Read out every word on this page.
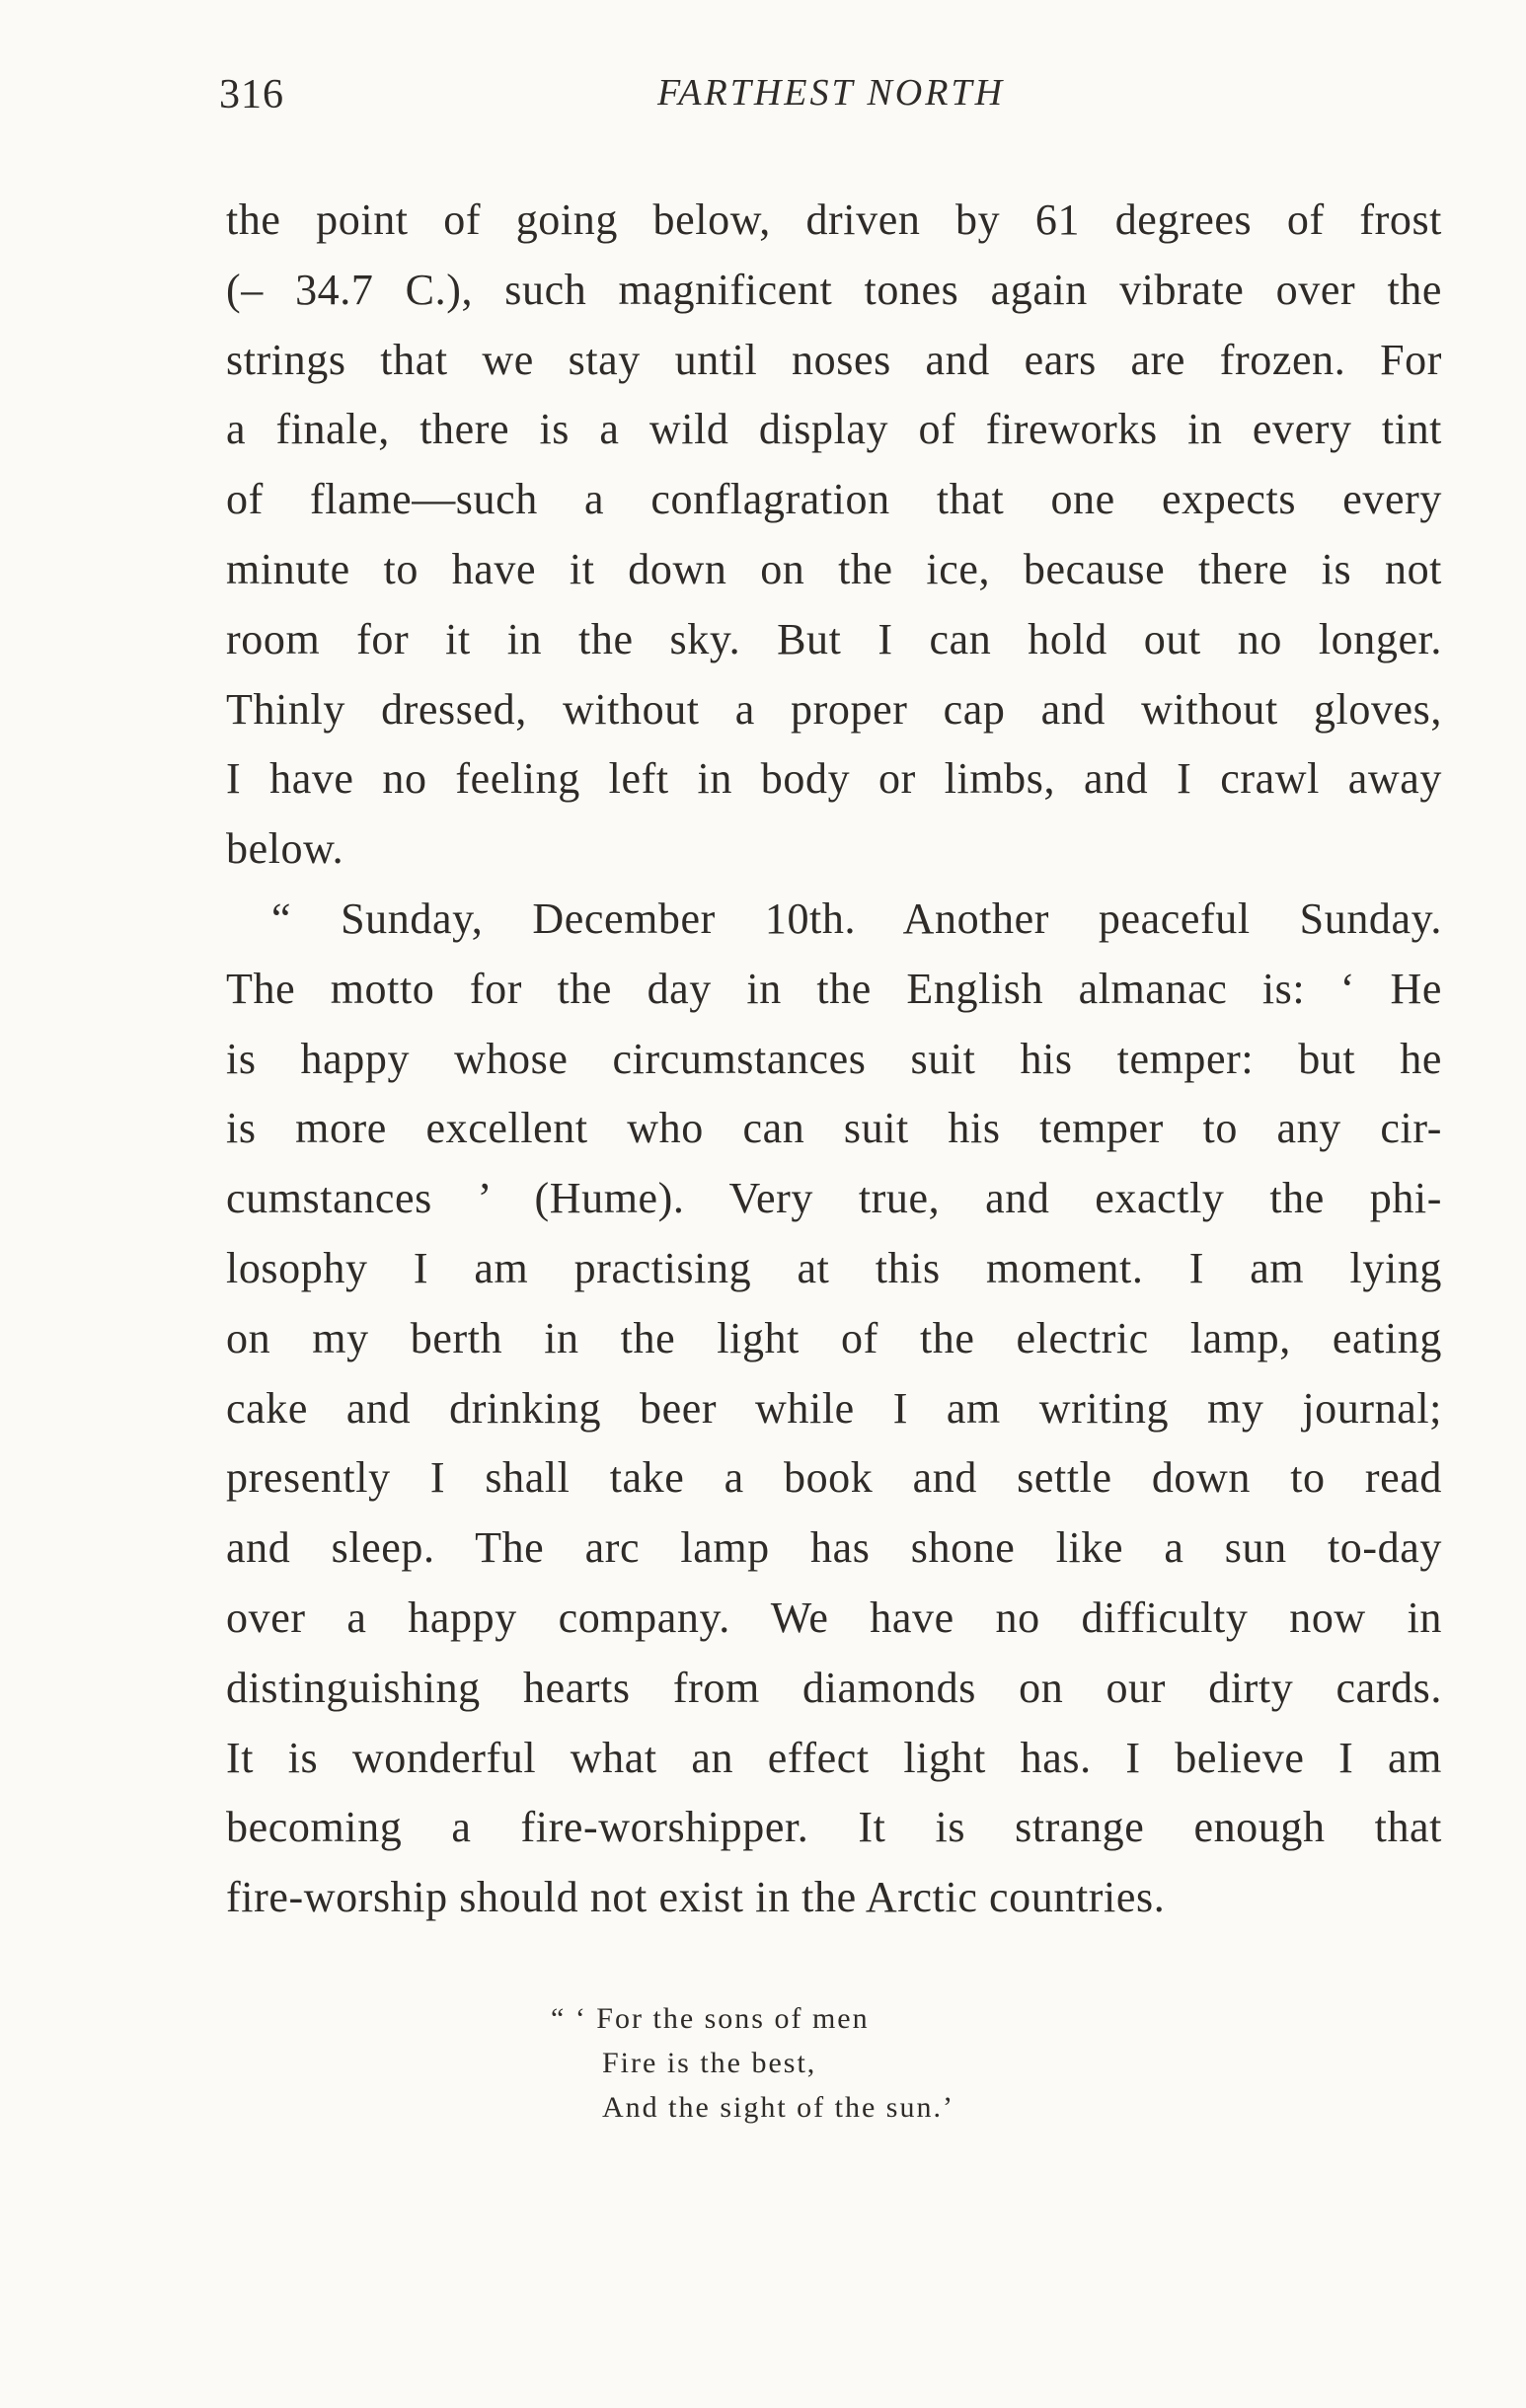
316	FARTHEST NORTH
the point of going below, driven by 61 degrees of frost
(– 34.7 C.), such magnificent tones again vibrate over the
strings that we stay until noses and ears are frozen. For
a finale, there is a wild display of fireworks in every tint
of flame—such a conflagration that one expects every
minute to have it down on the ice, because there is not
room for it in the sky. But I can hold out no longer.
Thinly dressed, without a proper cap and without gloves,
I have no feeling left in body or limbs, and I crawl away
below.
“ Sunday, December 10th. Another peaceful Sunday.
The motto for the day in the English almanac is: ‘ He
is happy whose circumstances suit his temper: but he
is more excellent who can suit his temper to any cir-
cumstances ’ (Hume). Very true, and exactly the phi-
losophy I am practising at this moment. I am lying
on my berth in the light of the electric lamp, eating
cake and drinking beer while I am writing my journal;
presently I shall take a book and settle down to read
and sleep. The arc lamp has shone like a sun to-day
over a happy company. We have no difficulty now in
distinguishing hearts from diamonds on our dirty cards.
It is wonderful what an effect light has. I believe I am
becoming a fire-worshipper. It is strange enough that
fire-worship should not exist in the Arctic countries.
“ ‘ For the sons of men
Fire is the best,
And the sight of the sun.’
